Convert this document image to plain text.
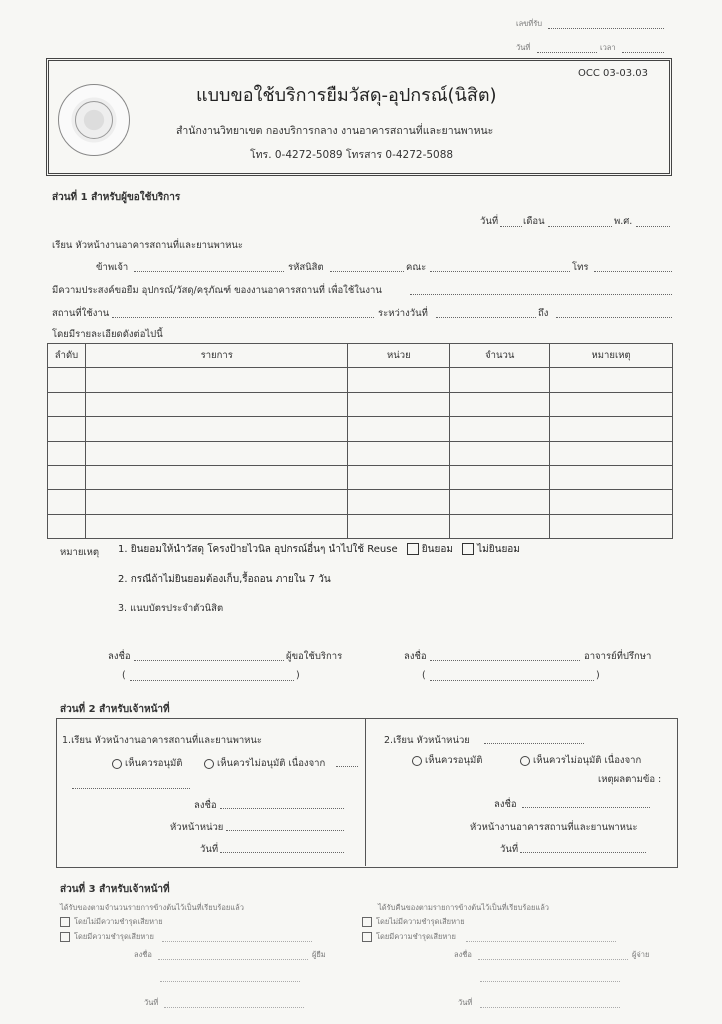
เลขที่รับ
วันที่	เวลา
แบบขอใช้บริการยืมวัสดุ-อุปกรณ์(นิสิต)
OCC 03-03.03
สำนักงานวิทยาเขต กองบริการกลาง งานอาคารสถานที่และยานพาหนะ
โทร. 0-4272-5089 โทรสาร 0-4272-5088
ส่วนที่ 1 สำหรับผู้ขอใช้บริการ
วันที่	เดือน	พ.ศ.
เรียน หัวหน้างานอาคารสถานที่และยานพาหนะ
ข้าพเจ้า	รหัสนิสิต	คณะ	โทร
มีความประสงค์ขอยืม อุปกรณ์/วัสดุ/ครุภัณฑ์ ของงานอาคารสถานที่ เพื่อใช้ในงาน
สถานที่ใช้งาน	ระหว่างวันที่	ถึง
โดยมีรายละเอียดดังต่อไปนี้
ลำดับ	รายการ	หน่วย	จำนวน	หมายเหตุ

หมายเหตุ 1. ยินยอมให้นำวัสดุ โครงป้ายไวนิล อุปกรณ์อื่นๆ นำไปใช้ Reuse ยินยอม ไม่ยินยอม
2. กรณีถ้าไม่ยินยอมต้องเก็บ,รื้อถอน ภายใน 7 วัน
3. แนบบัตรประจำตัวนิสิต
ลงชื่อ	ผู้ขอใช้บริการ
(	)
ลงชื่อ	อาจารย์ที่ปรึกษา
(	)
ส่วนที่ 2 สำหรับเจ้าหน้าที่
1.เรียน หัวหน้างานอาคารสถานที่และยานพาหนะ
เห็นควรอนุมัติ	เห็นควรไม่อนุมัติ เนื่องจาก
ลงชื่อ
หัวหน้าหน่วย
วันที่
2.เรียน หัวหน้าหน่วย
เห็นควรอนุมัติ	เห็นควรไม่อนุมัติ เนื่องจาก
เหตุผลตามข้อ :
ลงชื่อ
หัวหน้างานอาคารสถานที่และยานพาหนะ
วันที่
ส่วนที่ 3 สำหรับเจ้าหน้าที่
ได้รับของตามจำนวนรายการข้างต้นไว้เป็นที่เรียบร้อยแล้ว
โดยไม่มีความชำรุดเสียหาย
โดยมีความชำรุดเสียหาย
ลงชื่อ	ผู้ยืม
วันที่
ได้รับคืนของตามรายการข้างต้นไว้เป็นที่เรียบร้อยแล้ว
โดยไม่มีความชำรุดเสียหาย
โดยมีความชำรุดเสียหาย
ลงชื่อ	ผู้จ่าย
วันที่
